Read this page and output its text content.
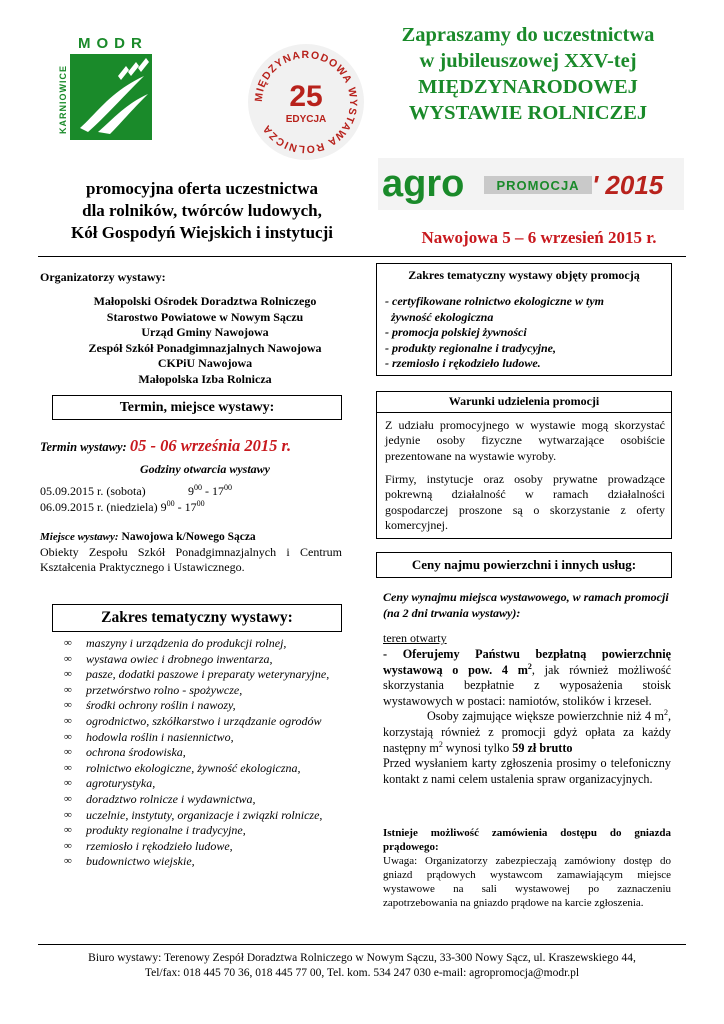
MODR
KARNIOWICE	MIĘDZYNARODOWA WYSTAWA ROLNICZA
25
EDYCJA
Zapraszamy do uczestnictwa
w jubileuszowej XXV-tej
MIĘDZYNARODOWEJ
WYSTAWIE ROLNICZEJ
agro PROMOCJA ' 2015
promocyjna oferta uczestnictwa
dla rolników, twórców ludowych,
Kół Gospodyń Wiejskich i instytucji	Nawojowa 5 – 6 wrzesień 2015 r.
Organizatorzy wystawy:
Małopolski Ośrodek Doradztwa Rolniczego
Starostwo Powiatowe w Nowym Sączu
Urząd Gminy Nawojowa
Zespół Szkół Ponadgimnazjalnych Nawojowa
CKPiU Nawojowa
Małopolska Izba Rolnicza
Termin, miejsce wystawy:
Termin wystawy: 05 - 06 września 2015 r.
Godziny otwarcia wystawy
05.09.2015 r. (sobota)	$9^{00} - 17^{00}$
06.09.2015 r. (niedziela) $9^{00} - 17^{00}$
Miejsce wystawy: Nawojowa k/Nowego Sącza
Obiekty Zespołu Szkół Ponadgimnazjalnych i Centrum Kształcenia Praktycznego i Ustawicznego.
Zakres tematyczny wystawy:
∞ maszyny i urządzenia do produkcji rolnej,
∞ wystawa owiec i drobnego inwentarza,
∞ pasze, dodatki paszowe i preparaty weterynaryjne,
∞ przetwórstwo rolno - spożywcze,
∞ środki ochrony roślin i nawozy,
∞ ogrodnictwo, szkółkarstwo i urządzanie ogrodów
∞ hodowla roślin i nasiennictwo,
∞ ochrona środowiska,
∞ rolnictwo ekologiczne, żywność ekologiczna,
∞ agroturystyka,
∞ doradztwo rolnicze i wydawnictwa,
∞ uczelnie, instytuty, organizacje i związki rolnicze,
∞ produkty regionalne i tradycyjne,
∞ rzemiosło i rękodzieło ludowe,
∞ budownictwo wiejskie,
Zakres tematyczny wystawy objęty promocją
- certyfikowane rolnictwo ekologiczne w tym
żywność ekologiczna
- promocja polskiej żywności
- produkty regionalne i tradycyjne,
- rzemiosło i rękodzieło ludowe.
Warunki udzielenia promocji

Z udziału promocyjnego w wystawie mogą skorzystać jedynie osoby fizyczne wytwarzające osobiście prezentowane na wystawie wyroby.

Firmy, instytucje oraz osoby prywatne prowadzące pokrewną działalność w ramach działalności gospodarczej proszone są o skorzystanie z oferty komercyjnej.

Ceny najmu powierzchni i innych usług:
Ceny wynajmu miejsca wystawowego, w ramach promocji (na 2 dni trwania wystawy):
teren otwarty
- Oferujemy Państwu bezpłatną powierzchnię wystawową o pow. 4 $m^2$, jak również możliwość skorzystania bezpłatnie z wyposażenia stoisk wystawowych w postaci: namiotów, stolików i krzeseł.
Osoby zajmujące większe powierzchnie niż 4 $m^2$, korzystają również z promocji gdyż opłata za każdy następny $m^2$ wynosi tylko 59 zł brutto
Przed wysłaniem karty zgłoszenia prosimy o telefoniczny kontakt z nami celem ustalenia spraw organizacyjnych.
Istnieje możliwość zamówienia dostępu do gniazda prądowego:
Uwaga: Organizatorzy zabezpieczają zamówiony dostęp do gniazd prądowych wystawcom zamawiającym miejsce wystawowe na sali wystawowej po zaznaczeniu zapotrzebowania na gniazdo prądowe na karcie zgłoszenia.
Biuro wystawy: Terenowy Zespół Doradztwa Rolniczego w Nowym Sączu, 33-300 Nowy Sącz, ul. Kraszewskiego 44,
Tel/fax: 018 445 70 36, 018 445 77 00, Tel. kom. 534 247 030 e-mail: agropromocja@modr.pl
